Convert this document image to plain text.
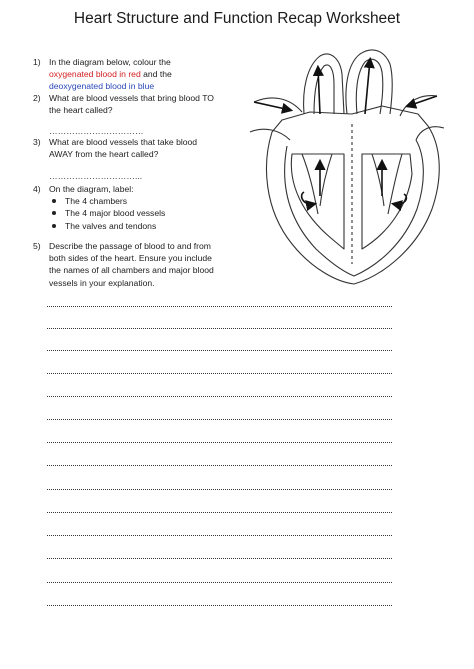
Heart Structure and Function Recap Worksheet
1) In the diagram below, colour the
oxygenated blood in red and the
deoxygenated blood in blue
2) What are blood vessels that bring blood TO
the heart called?
……………………………
3) What are blood vessels that take blood
AWAY from the heart called?
…………………………...
4) On the diagram, label:
The 4 chambers
The 4 major blood vessels
The valves and tendons
5) Describe the passage of blood to and from
both sides of the heart. Ensure you include
the names of all chambers and major blood
vessels in your explanation.
